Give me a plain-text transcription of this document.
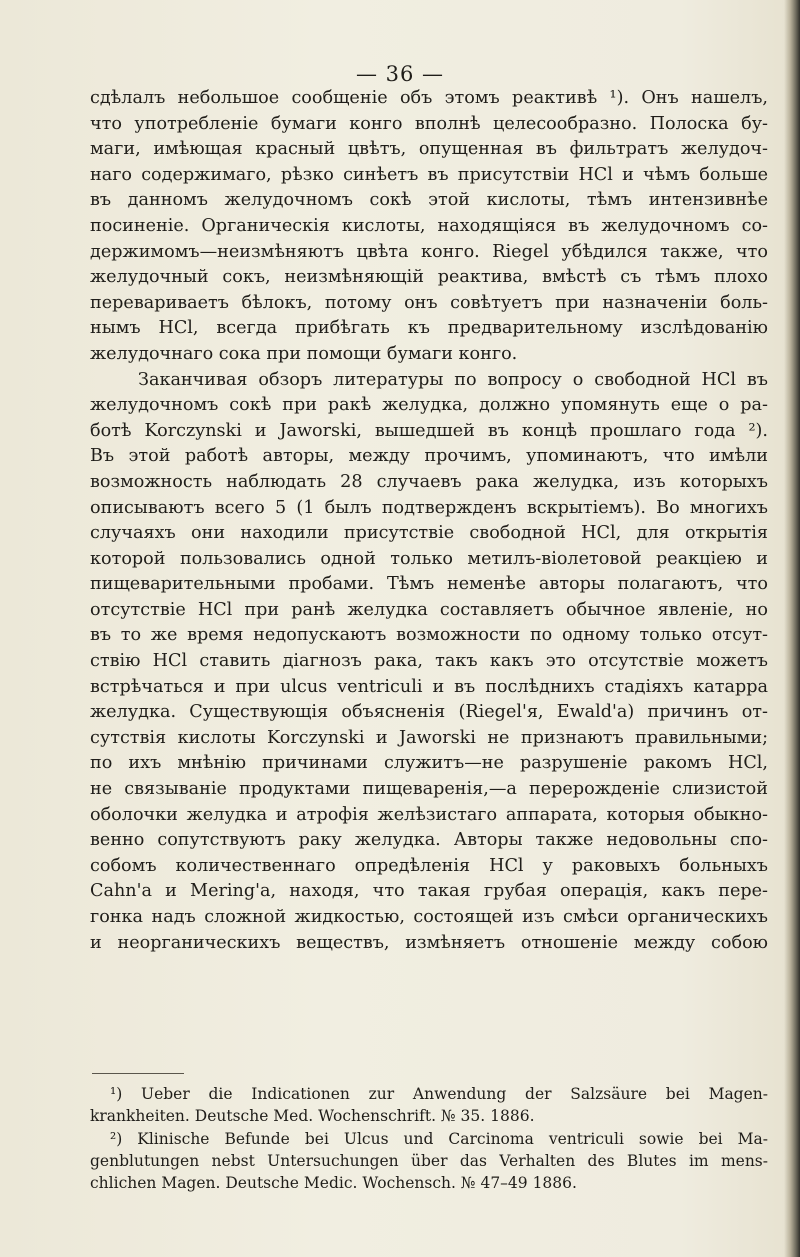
— 36 —
сдѣлалъ небольшое сообщеніе объ этомъ реактивѣ ¹). Онъ нашелъ,
что употребленіе бумаги конго вполнѣ целесообразно. Полоска бу-
маги, имѣющая красный цвѣтъ, опущенная въ фильтратъ желудоч-
наго содержимаго, рѣзко синѣетъ въ присутствіи НСl и чѣмъ больше
въ данномъ желудочномъ сокѣ этой кислоты, тѣмъ интензивнѣе
посиненіе. Органическія кислоты, находящіяся въ желудочномъ со-
держимомъ—неизмѣняютъ цвѣта конго. Riegel убѣдился также, что
желудочный сокъ, неизмѣняющій реактива, вмѣстѣ съ тѣмъ плохо
перевариваетъ бѣлокъ, потому онъ совѣтуетъ при назначеніи боль-
нымъ НСl, всегда прибѣгать къ предварительному изслѣдованію
желудочнаго сока при помощи бумаги конго.
Заканчивая обзоръ литературы по вопросу о свободной НСl въ
желудочномъ сокѣ при ракѣ желудка, должно упомянуть еще о ра-
ботѣ Korczynski и Jaworski, вышедшей въ концѣ прошлаго года ²).
Въ этой работѣ авторы, между прочимъ, упоминаютъ, что имѣли
возможность наблюдать 28 случаевъ рака желудка, изъ которыхъ
описываютъ всего 5 (1 былъ подтвержденъ вскрытіемъ). Во многихъ
случаяхъ они находили присутствіе свободной НСl, для открытія
которой пользовались одной только метилъ-віолетовой реакціею и
пищеварительными пробами. Тѣмъ неменѣе авторы полагаютъ, что
отсутствіе НСl при ранѣ желудка составляетъ обычное явленіе, но
въ то же время недопускаютъ возможности по одному только отсут-
ствію НСl ставить діагнозъ рака, такъ какъ это отсутствіе можетъ
встрѣчаться и при ulcus ventriculi и въ послѣднихъ стадіяхъ катарра
желудка. Существующія объясненія (Riegel'я, Ewald'а) причинъ от-
сутствія кислоты Korczynski и Jaworski не признаютъ правильными;
по ихъ мнѣнію причинами служитъ—не разрушеніе ракомъ НСl,
не связываніе продуктами пищеваренія,—а перерожденіе слизистой
оболочки желудка и атрофія желѣзистаго аппарата, которыя обыкно-
венно сопутствуютъ раку желудка. Авторы также недовольны спо-
собомъ количественнаго опредѣленія НСl у раковыхъ больныхъ
Cahn'а и Mering'а, находя, что такая грубая операція, какъ пере-
гонка надъ сложной жидкостью, состоящей изъ смѣси органическихъ
и неорганическихъ веществъ, измѣняетъ отношеніе между собою
¹) Ueber die Indicationen zur Anwendung der Salzsäure bei Magen-
krankheiten. Deutsche Med. Wochenschrift. № 35. 1886.
²) Klinische Befunde bei Ulcus und Carcinoma ventriculi sowie bei Ma-
genblutungen nebst Untersuchungen über das Verhalten des Blutes im mens-
chlichen Magen. Deutsche Medic. Wochensch. № 47–49 1886.
